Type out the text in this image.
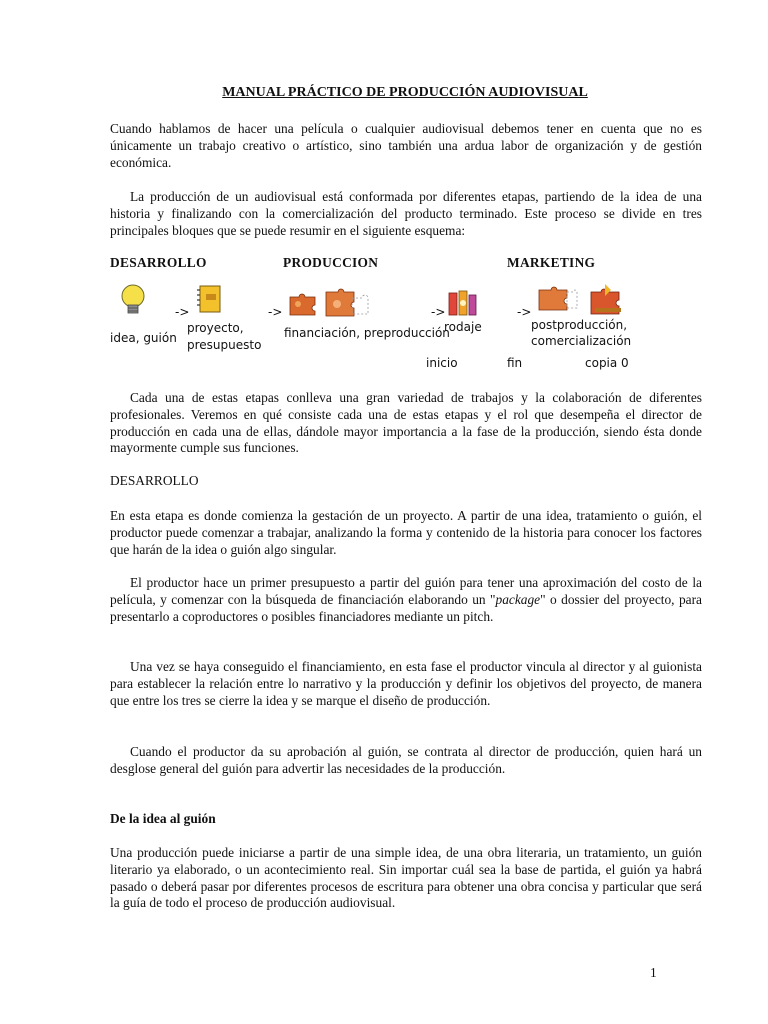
MANUAL PRÁCTICO DE PRODUCCIÓN AUDIOVISUAL

Cuando hablamos de hacer una película o cualquier audiovisual debemos tener en cuenta que no es únicamente un trabajo creativo o artístico, sino también una ardua labor de organización y de gestión económica.

La producción de un audiovisual está conformada por diferentes etapas, partiendo de la idea de una historia y finalizando con la comercialización del producto terminado. Este proceso se divide en tres principales bloques que se puede resumir en el siguiente esquema:

DESARROLLO	PRODUCCION	MARKETING
->	->	->	->
idea, guión
proyecto,
presupuesto
financiación, preproducción
rodaje	postproducción,
comercialización
inicio	fin	copia 0

Cada una de estas etapas conlleva una gran variedad de trabajos y la colaboración de diferentes profesionales. Veremos en qué consiste cada una de estas etapas y el rol que desempeña el director de producción en cada una de ellas, dándole mayor importancia a la fase de la producción, siendo ésta donde mayormente cumple sus funciones.

DESARROLLO

En esta etapa es donde comienza la gestación de un proyecto. A partir de una idea, tratamiento o guión, el productor puede comenzar a trabajar, analizando la forma y contenido de la historia para conocer los factores que harán de la idea o guión algo singular.

El productor hace un primer presupuesto a partir del guión para tener una aproximación del costo de la película, y comenzar con la búsqueda de financiación elaborando un "package" o dossier del proyecto, para presentarlo a coproductores o posibles financiadores mediante un pitch.

Una vez se haya conseguido el financiamiento, en esta fase el productor vincula al director y al guionista para establecer la relación entre lo narrativo y la producción y definir los objetivos del proyecto, de manera que entre los tres se cierre la idea y se marque el diseño de producción.

Cuando el productor da su aprobación al guión, se contrata al director de producción, quien hará un desglose general del guión para advertir las necesidades de la producción.

De la idea al guión

Una producción puede iniciarse a partir de una simple idea, de una obra literaria, un tratamiento, un guión literario ya elaborado, o un acontecimiento real. Sin importar cuál sea la base de partida, el guión ya habrá pasado o deberá pasar por diferentes procesos de escritura para obtener una obra concisa y particular que será la guía de todo el proceso de producción audiovisual.

1
